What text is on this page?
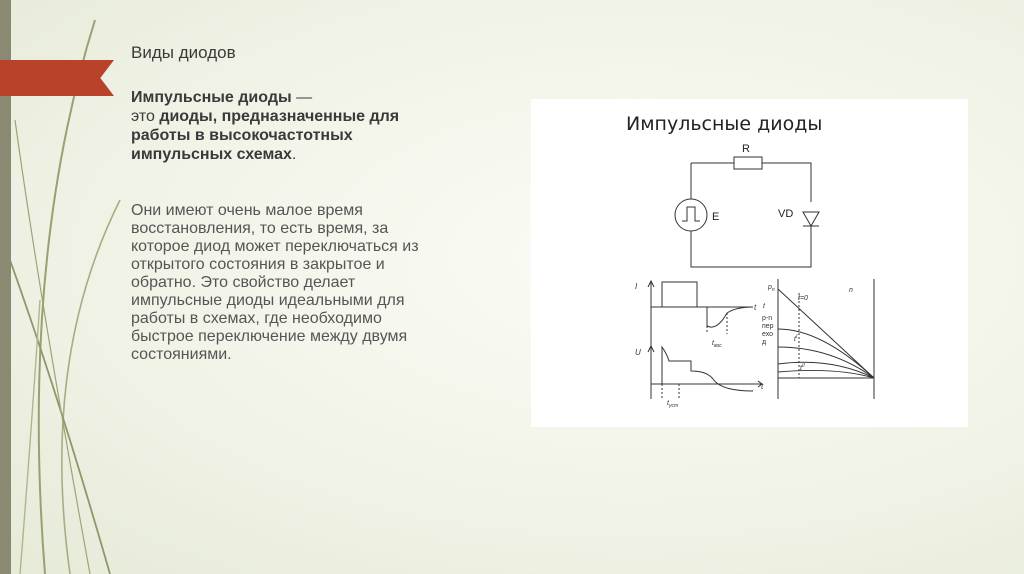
Виды диодов

Импульсные диоды —
это диоды, предназначенные для работы в высокочастотных импульсных схемах.

Они имеют очень малое время восстановления, то есть время, за которое диод может переключаться из открытого состояния в закрытое и обратно. Это свойство делает импульсные диоды идеальными для работы в схемах, где необходимо быстрое переключение между двумя состояниями.

Импульсные диоды
R
E	VD
I
$t_{вос}$
U
t
t
$t_{уст}$
$p_n$	n
t=0
t
p-n
пер
ехо
д	$t^I$
$t^{II}$
